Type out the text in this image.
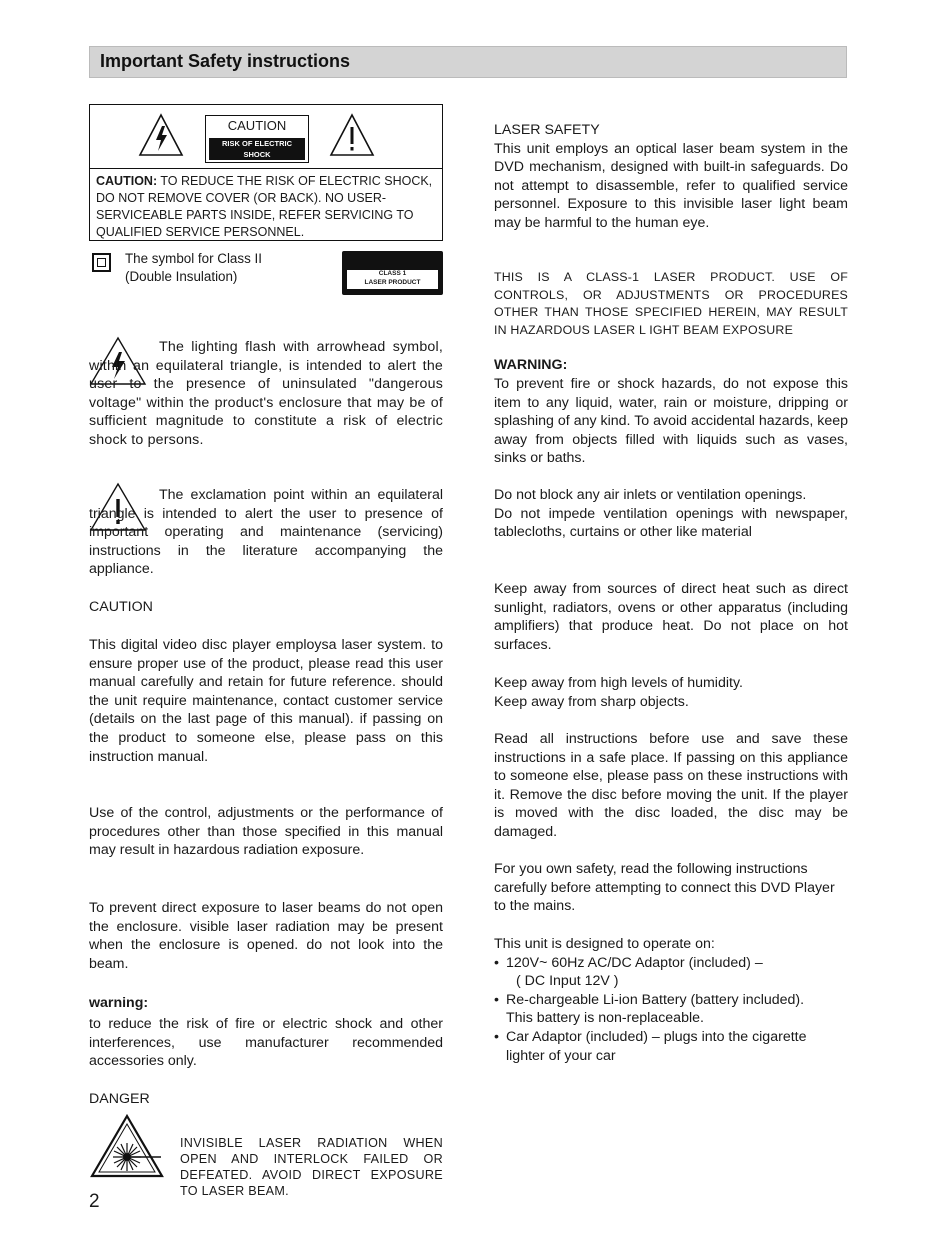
Important Safety instructions
CAUTION
RISK OF ELECTRIC SHOCK
DO NOT OPEN
CAUTION: TO REDUCE THE RISK OF ELECTRIC SHOCK, DO NOT REMOVE COVER (OR BACK). NO USER-SERVICEABLE PARTS INSIDE, REFER SERVICING TO QUALIFIED SERVICE PERSONNEL.
The symbol for Class II
(Double Insulation)	CLASS 1
LASER PRODUCT

The lighting flash with arrowhead symbol, within an equilateral triangle, is intended to alert the user to the presence of uninsulated "dangerous voltage" within the product's enclosure that may be of sufficient magnitude to constitute a risk of electric shock to persons.

The exclamation point within an equilateral triangle is intended to alert the user to presence of important operating and maintenance (servicing) instructions in the literature accompanying the appliance.

CAUTION

This digital video disc player employsa laser system. to ensure proper use of the product, please read this user manual carefully and retain for future reference. should the unit require maintenance, contact customer service (details on the last page of this manual). if passing on the product to someone else, please pass on this instruction manual.

Use of the control, adjustments or the performance of procedures other than those specified in this manual may result in hazardous radiation exposure.

To prevent direct exposure to laser beams do not open the enclosure. visible laser radiation may be present when the enclosure is opened. do not look into the beam.

warning:

to reduce the risk of fire or electric shock and other interferences, use manufacturer recommended accessories only.

DANGER

INVISIBLE LASER RADIATION WHEN OPEN AND INTERLOCK FAILED OR DEFEATED. AVOID DIRECT EXPOSURE TO LASER BEAM.
2

LASER SAFETY

This unit employs an optical laser beam system in the DVD mechanism, designed with built-in safeguards. Do not attempt to disassemble, refer to qualified service personnel. Exposure to this invisible laser light beam may be harmful to the human eye.

THIS IS A CLASS-1 LASER PRODUCT. USE OF CONTROLS, OR ADJUSTMENTS OR PROCEDURES OTHER THAN THOSE SPECIFIED HEREIN, MAY RESULT IN HAZARDOUS LASER L IGHT BEAM EXPOSURE

WARNING:

To prevent fire or shock hazards, do not expose this item to any liquid, water, rain or moisture, dripping or splashing of any kind. To avoid accidental hazards, keep away from objects filled with liquids such as vases, sinks or baths.

Do not block any air inlets or ventilation openings.

Do not impede ventilation openings with newspaper, tablecloths, curtains or other like material

Keep away from sources of direct heat such as direct sunlight, radiators, ovens or other apparatus (including amplifiers) that produce heat. Do not place on hot surfaces.

Keep away from high levels of humidity.

Keep away from sharp objects.

Read all instructions before use and save these instructions in a safe place. If passing on this appliance to someone else, please pass on these instructions with it. Remove the disc before moving the unit. If the player is moved with the disc loaded, the disc may be damaged.

For you own safety, read the following instructions carefully before attempting to connect this DVD Player to the mains.

This unit is designed to operate on:

• 120V~ 60Hz AC/DC Adaptor (included) –
( DC Input 12V )
• Re-chargeable Li-ion Battery (battery included).
This battery is non-replaceable.
• Car Adaptor (included) – plugs into the cigarette
lighter of your car
